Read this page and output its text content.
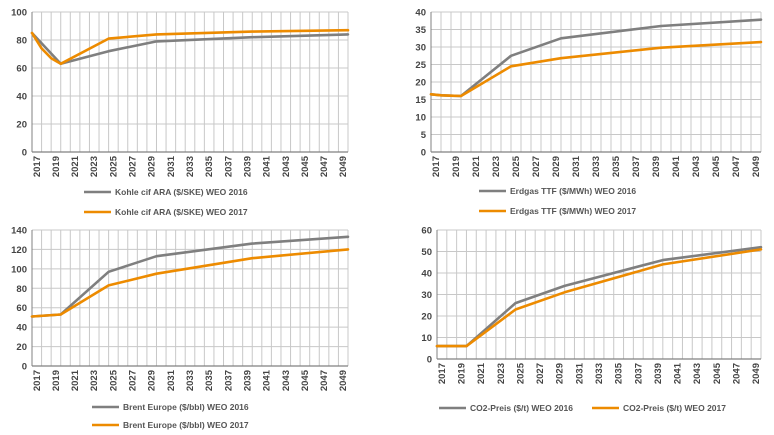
0
20
40
60
80
100
2017 2019 2021 2023 2025 2027 2029 2031 2033 2035 2037 2039 2041 2043 2045 2047 2049
Kohle cif ARA ($/SKE) WEO 2016
Kohle cif ARA ($/SKE) WEO 2017
0
5
10
15
20
25
30
35
40
2017 2019 2021 2023 2025 2027 2029 2031 2033 2035 2037 2039 2041 2043 2045 2047 2049
Erdgas TTF ($/MWh) WEO 2016
Erdgas TTF ($/MWh) WEO 2017
0
20
40
60
80
100
120
140
2017 2019 2021 2023 2025 2027 2029 2031 2033 2035 2037 2039 2041 2043 2045 2047 2049
Brent Europe ($/bbl) WEO 2016
Brent Europe ($/bbl) WEO 2017
0
10
20
30
40
50
60
2017 2019 2021 2023 2025 2027 2029 2031 2033 2035 2037 2039 2041 2043 2045 2047 2049
CO2-Preis ($/t) WEO 2016	CO2-Preis ($/t) WEO 2017
